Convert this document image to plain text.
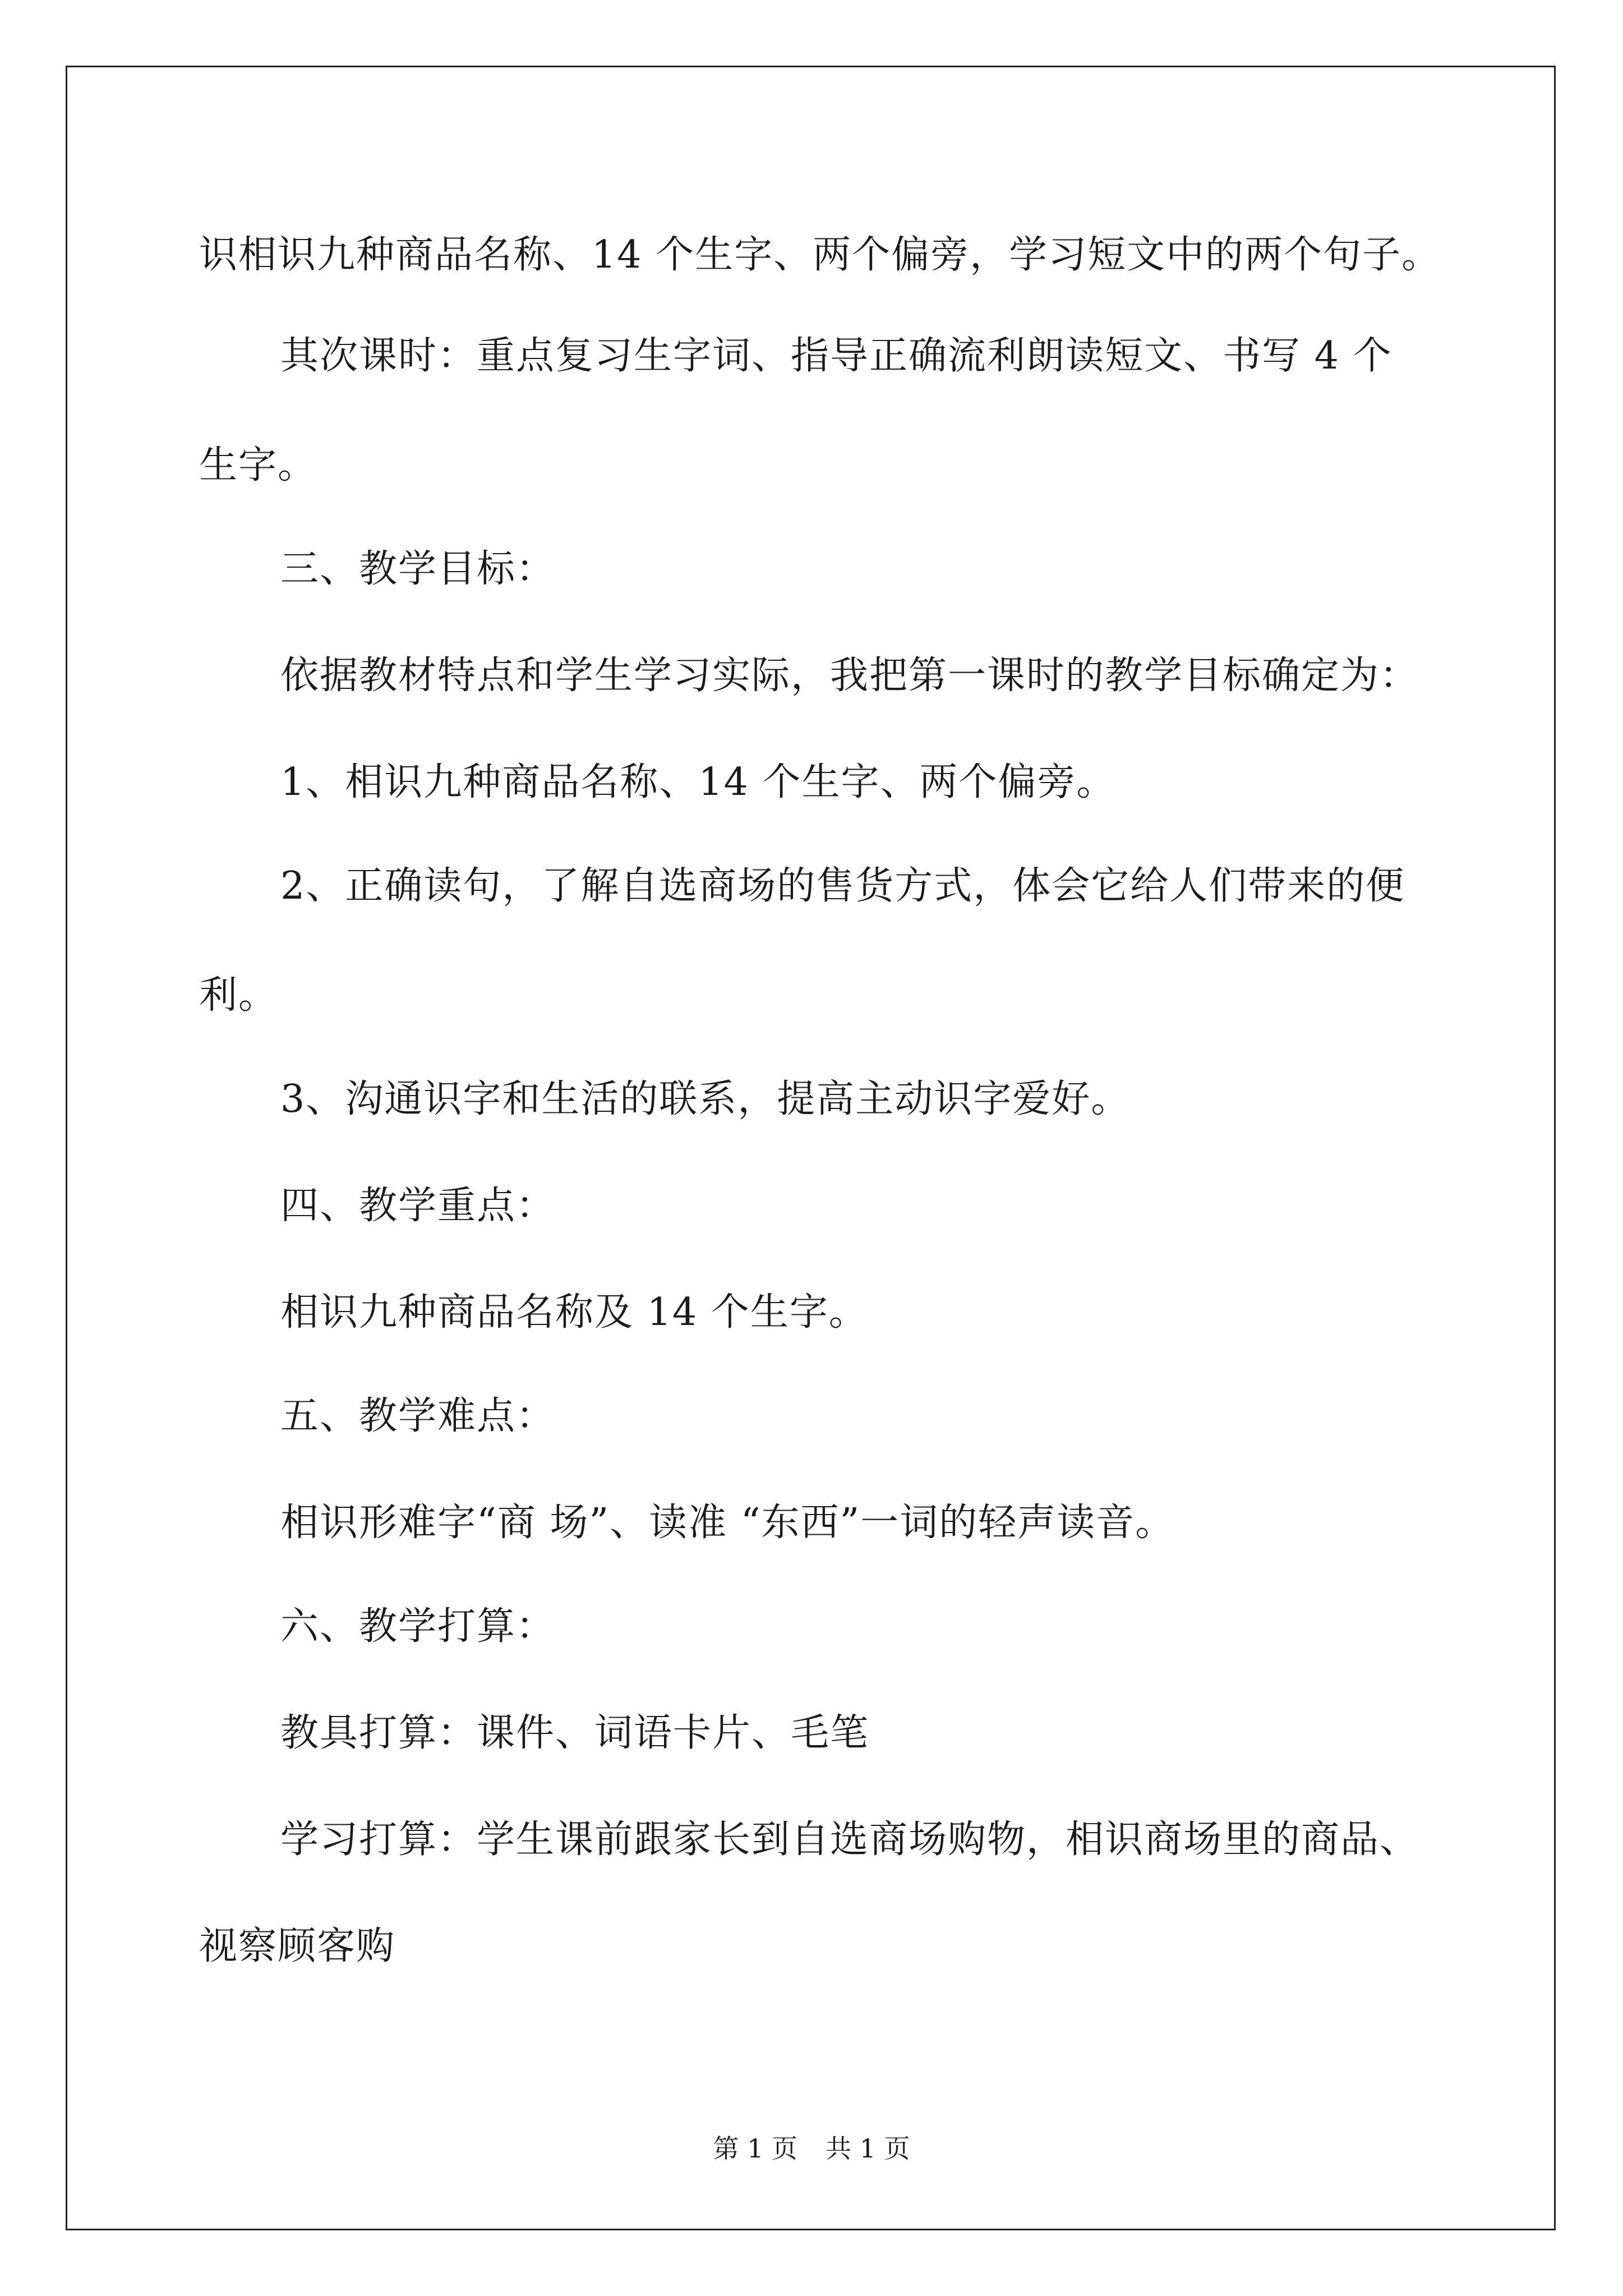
识相识九种商品名称、14 个生字、两个偏旁，学习短文中的两个句子。
其次课时：重点复习生字词、指导正确流利朗读短文、书写 4 个
生字。
三、教学目标：
依据教材特点和学生学习实际，我把第一课时的教学目标确定为：
1、相识九种商品名称、14 个生字、两个偏旁。
2、正确读句，了解自选商场的售货方式，体会它给人们带来的便
利。
3、沟通识字和生活的联系，提高主动识字爱好。
四、教学重点：
相识九种商品名称及 14 个生字。
五、教学难点：
相识形难字“商 场”、读准 “东西”一词的轻声读音。
六、教学打算：
教具打算：课件、词语卡片、毛笔
学习打算：学生课前跟家长到自选商场购物，相识商场里的商品、
视察顾客购
第 1 页 共 1 页
